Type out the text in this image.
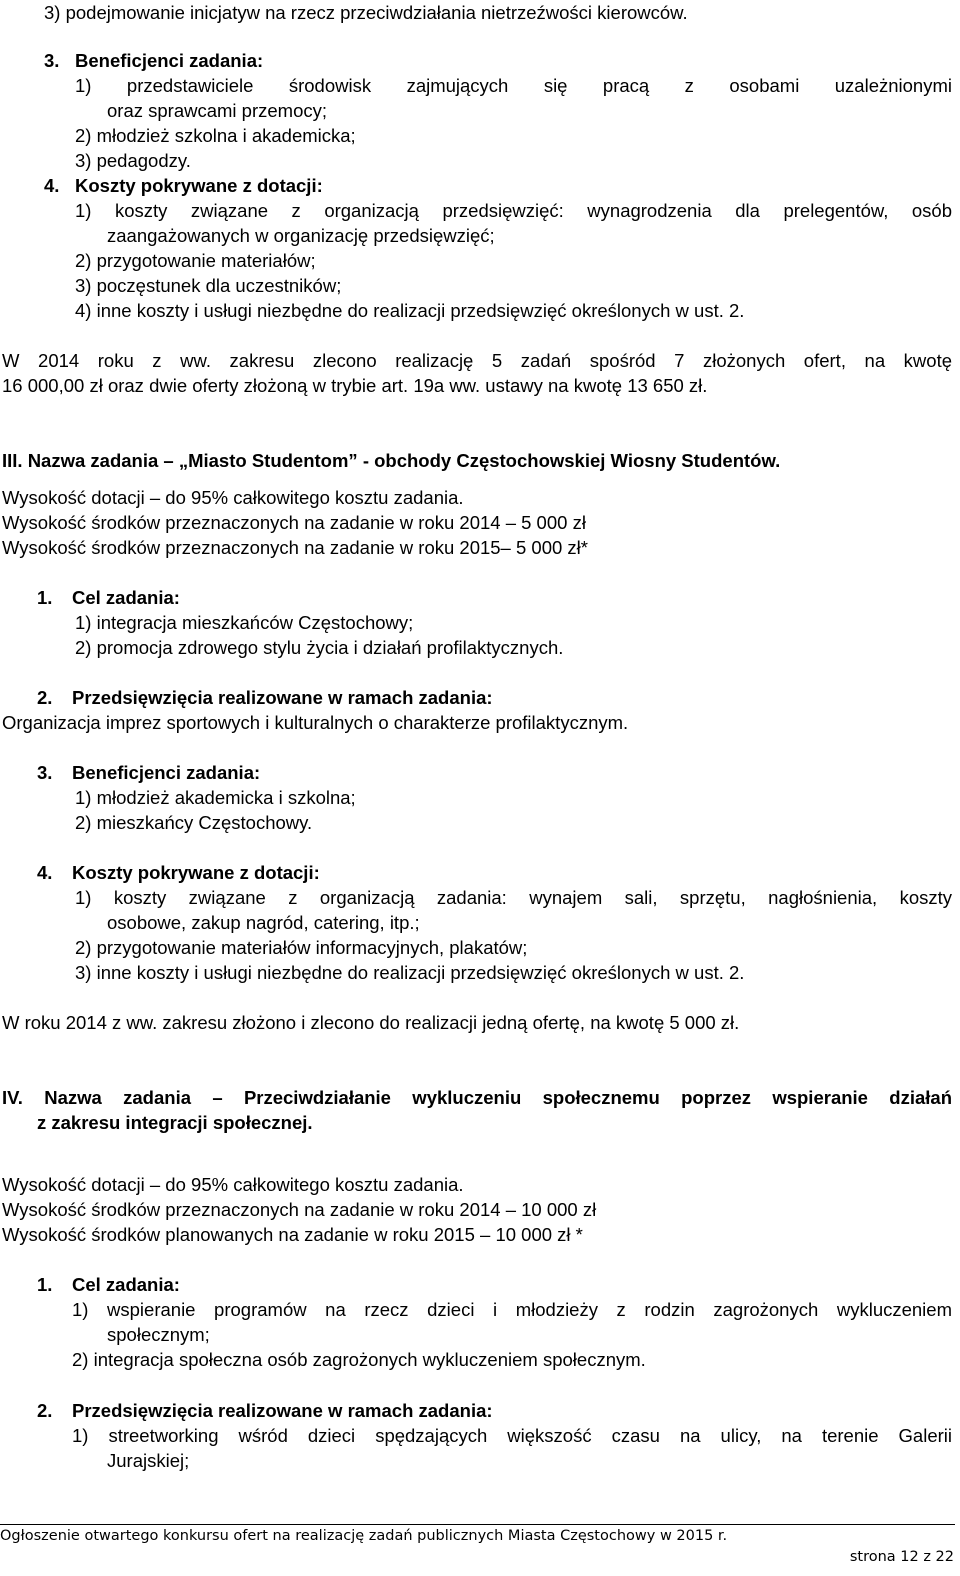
3) podejmowanie inicjatyw na rzecz przeciwdziałania nietrzeźwości kierowców.
3. Beneficjenci zadania:
1) przedstawiciele środowisk zajmujących się pracą z osobami uzależnionymi
oraz sprawcami przemocy;
2) młodzież szkolna i akademicka;
3) pedagodzy.
4. Koszty pokrywane z dotacji:
1) koszty związane z organizacją przedsięwzięć: wynagrodzenia dla prelegentów, osób
zaangażowanych w organizację przedsięwzięć;
2) przygotowanie materiałów;
3) poczęstunek dla uczestników;
4) inne koszty i usługi niezbędne do realizacji przedsięwzięć określonych w ust. 2.
W 2014 roku z ww. zakresu zlecono realizację 5 zadań spośród 7 złożonych ofert, na kwotę
16 000,00 zł oraz dwie oferty złożoną w trybie art. 19a ww. ustawy na kwotę 13 650 zł.
III. Nazwa zadania – „Miasto Studentom” - obchody Częstochowskiej Wiosny Studentów.
Wysokość dotacji – do 95% całkowitego kosztu zadania.
Wysokość środków przeznaczonych na zadanie w roku 2014 – 5 000 zł
Wysokość środków przeznaczonych na zadanie w roku 2015– 5 000 zł*
1. Cel zadania:
1) integracja mieszkańców Częstochowy;
2) promocja zdrowego stylu życia i działań profilaktycznych.
2. Przedsięwzięcia realizowane w ramach zadania:
Organizacja imprez sportowych i kulturalnych o charakterze profilaktycznym.
3. Beneficjenci zadania:
1) młodzież akademicka i szkolna;
2) mieszkańcy Częstochowy.
4. Koszty pokrywane z dotacji:
1) koszty związane z organizacją zadania: wynajem sali, sprzętu, nagłośnienia, koszty
osobowe, zakup nagród, catering, itp.;
2) przygotowanie materiałów informacyjnych, plakatów;
3) inne koszty i usługi niezbędne do realizacji przedsięwzięć określonych w ust. 2.
W roku 2014 z ww. zakresu złożono i zlecono do realizacji jedną ofertę, na kwotę 5 000 zł.
IV. Nazwa zadania – Przeciwdziałanie wykluczeniu społecznemu poprzez wspieranie działań
z zakresu integracji społecznej.
Wysokość dotacji – do 95% całkowitego kosztu zadania.
Wysokość środków przeznaczonych na zadanie w roku 2014 – 10 000 zł
Wysokość środków planowanych na zadanie w roku 2015 – 10 000 zł *
1. Cel zadania:
1) wspieranie programów na rzecz dzieci i młodzieży z rodzin zagrożonych wykluczeniem
społecznym;
2) integracja społeczna osób zagrożonych wykluczeniem społecznym.
2. Przedsięwzięcia realizowane w ramach zadania:
1) streetworking wśród dzieci spędzających większość czasu na ulicy, na terenie Galerii
Jurajskiej;
Ogłoszenie otwartego konkursu ofert na realizację zadań publicznych Miasta Częstochowy w 2015 r.
strona 12 z 22
